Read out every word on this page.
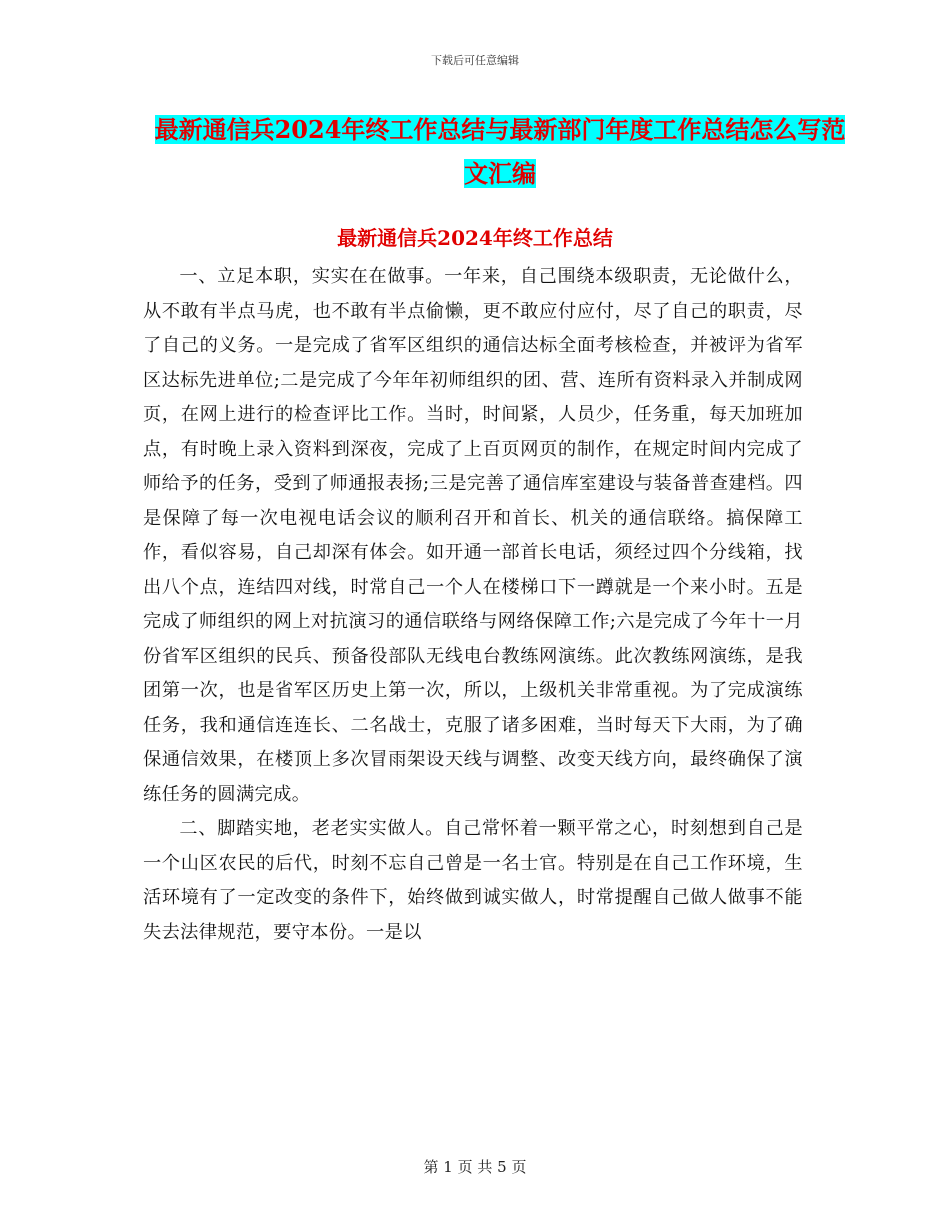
下载后可任意编辑
最新通信兵2024年终工作总结与最新部门年度工作总结怎么写范文汇编
最新通信兵2024年终工作总结

一、立足本职，实实在在做事。一年来，自己围绕本级职责，无论做什么，从不敢有半点马虎，也不敢有半点偷懒，更不敢应付应付，尽了自己的职责，尽了自己的义务。一是完成了省军区组织的通信达标全面考核检查，并被评为省军区达标先进单位;二是完成了今年年初师组织的团、营、连所有资料录入并制成网页，在网上进行的检查评比工作。当时，时间紧，人员少，任务重，每天加班加点，有时晚上录入资料到深夜，完成了上百页网页的制作，在规定时间内完成了师给予的任务，受到了师通报表扬;三是完善了通信库室建设与装备普查建档。四是保障了每一次电视电话会议的顺利召开和首长、机关的通信联络。搞保障工作，看似容易，自己却深有体会。如开通一部首长电话，须经过四个分线箱，找出八个点，连结四对线，时常自己一个人在楼梯口下一蹲就是一个来小时。五是完成了师组织的网上对抗演习的通信联络与网络保障工作;六是完成了今年十一月份省军区组织的民兵、预备役部队无线电台教练网演练。此次教练网演练，是我团第一次，也是省军区历史上第一次，所以，上级机关非常重视。为了完成演练任务，我和通信连连长、二名战士，克服了诸多困难，当时每天下大雨，为了确保通信效果，在楼顶上多次冒雨架设天线与调整、改变天线方向，最终确保了演练任务的圆满完成。

二、脚踏实地，老老实实做人。自己常怀着一颗平常之心，时刻想到自己是一个山区农民的后代，时刻不忘自己曾是一名士官。特别是在自己工作环境，生活环境有了一定改变的条件下，始终做到诚实做人，时常提醒自己做人做事不能失去法律规范，要守本份。一是以

第 1 页 共 5 页
